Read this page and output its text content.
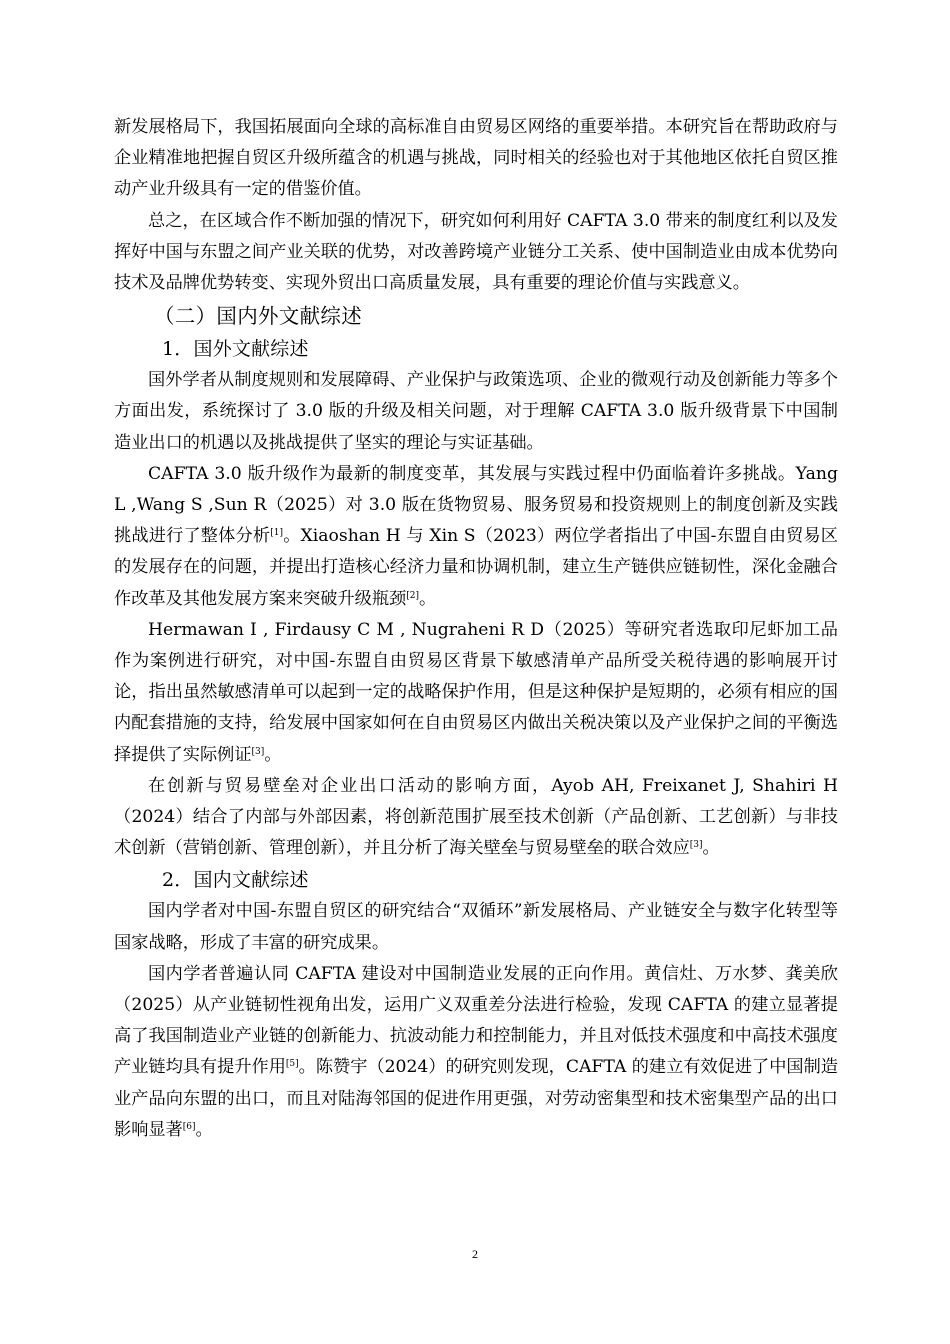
新发展格局下，我国拓展面向全球的高标准自由贸易区网络的重要举措。本研究旨在帮助政府与企业精准地把握自贸区升级所蕴含的机遇与挑战，同时相关的经验也对于其他地区依托自贸区推动产业升级具有一定的借鉴价值。

总之，在区域合作不断加强的情况下，研究如何利用好 CAFTA 3.0 带来的制度红利以及发挥好中国与东盟之间产业关联的优势，对改善跨境产业链分工关系、使中国制造业由成本优势向技术及品牌优势转变、实现外贸出口高质量发展，具有重要的理论价值与实践意义。

（二）国内外文献综述
1．国外文献综述

国外学者从制度规则和发展障碍、产业保护与政策选项、企业的微观行动及创新能力等多个方面出发，系统探讨了 3.0 版的升级及相关问题，对于理解 CAFTA 3.0 版升级背景下中国制造业出口的机遇以及挑战提供了坚实的理论与实证基础。

CAFTA 3.0 版升级作为最新的制度变革，其发展与实践过程中仍面临着许多挑战。Yang L ,Wang S ,Sun R（2025）对 3.0 版在货物贸易、服务贸易和投资规则上的制度创新及实践挑战进行了整体分析[1]。Xiaoshan H 与 Xin S（2023）两位学者指出了中国-东盟自由贸易区的发展存在的问题，并提出打造核心经济力量和协调机制，建立生产链供应链韧性，深化金融合作改革及其他发展方案来突破升级瓶颈[2]。

Hermawan I , Firdausy C M , Nugraheni R D（2025）等研究者选取印尼虾加工品作为案例进行研究，对中国-东盟自由贸易区背景下敏感清单产品所受关税待遇的影响展开讨论，指出虽然敏感清单可以起到一定的战略保护作用，但是这种保护是短期的，必须有相应的国内配套措施的支持，给发展中国家如何在自由贸易区内做出关税决策以及产业保护之间的平衡选择提供了实际例证[3]。

在创新与贸易壁垒对企业出口活动的影响方面，Ayob AH, Freixanet J, Shahiri H（2024）结合了内部与外部因素，将创新范围扩展至技术创新（产品创新、工艺创新）与非技术创新（营销创新、管理创新），并且分析了海关壁垒与贸易壁垒的联合效应[3]。

2．国内文献综述

国内学者对中国-东盟自贸区的研究结合“双循环”新发展格局、产业链安全与数字化转型等国家战略，形成了丰富的研究成果。

国内学者普遍认同 CAFTA 建设对中国制造业发展的正向作用。黄信灶、万水梦、龚美欣（2025）从产业链韧性视角出发，运用广义双重差分法进行检验，发现 CAFTA 的建立显著提高了我国制造业产业链的创新能力、抗波动能力和控制能力，并且对低技术强度和中高技术强度产业链均具有提升作用[5]。陈赞宇（2024）的研究则发现，CAFTA 的建立有效促进了中国制造业产品向东盟的出口，而且对陆海邻国的促进作用更强，对劳动密集型和技术密集型产品的出口影响显著[6]。

2
